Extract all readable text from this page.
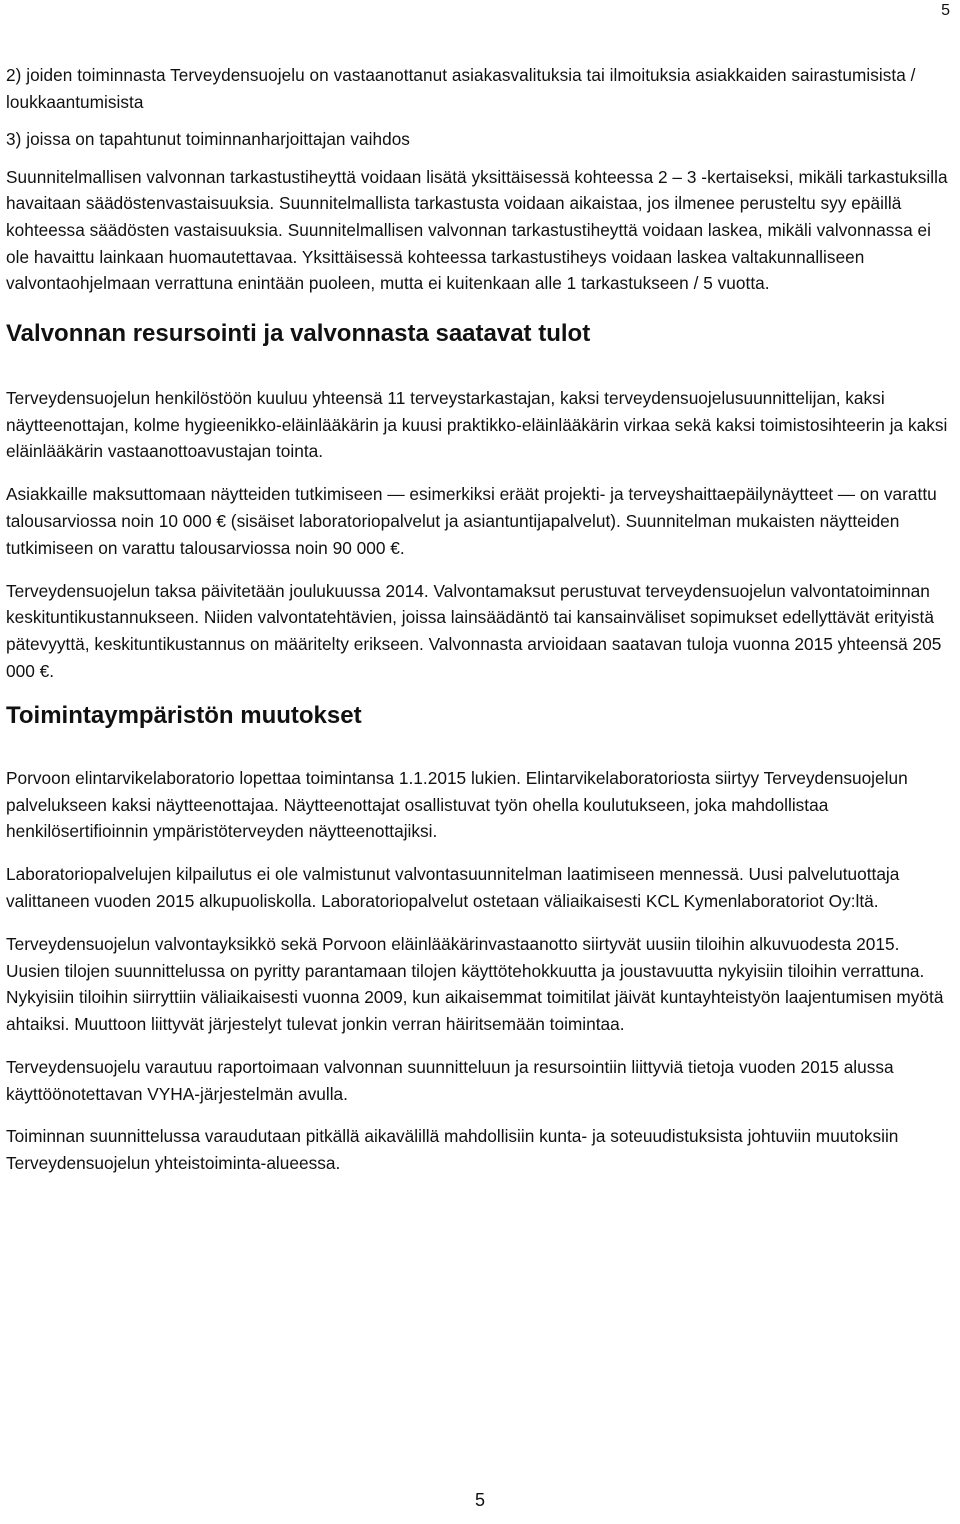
5

2) joiden toiminnasta Terveydensuojelu on vastaanottanut asiakasvalituksia tai ilmoituksia asiakkaiden sairastumisista / loukkaantumisista

3) joissa on tapahtunut toiminnanharjoittajan vaihdos

Suunnitelmallisen valvonnan tarkastustiheyttä voidaan lisätä yksittäisessä kohteessa 2 – 3 -kertaiseksi, mikäli tarkastuksilla havaitaan säädöstenvastaisuuksia. Suunnitelmallista tarkastusta voidaan aikaistaa, jos ilmenee perusteltu syy epäillä kohteessa säädösten vastaisuuksia. Suunnitelmallisen valvonnan tarkastustiheyttä voidaan laskea, mikäli valvonnassa ei ole havaittu lainkaan huomautettavaa. Yksittäisessä kohteessa tarkastustiheys voidaan laskea valtakunnalliseen valvontaohjelmaan verrattuna enintään puoleen, mutta ei kuitenkaan alle 1 tarkastukseen / 5 vuotta.

Valvonnan resursointi ja valvonnasta saatavat tulot

Terveydensuojelun henkilöstöön kuuluu yhteensä 11 terveystarkastajan, kaksi terveydensuojelusuunnittelijan, kaksi näytteenottajan, kolme hygieenikko-eläinlääkärin ja kuusi praktikko-eläinlääkärin virkaa sekä kaksi toimistosihteerin ja kaksi eläinlääkärin vastaanottoavustajan tointa.

Asiakkaille maksuttomaan näytteiden tutkimiseen — esimerkiksi eräät projekti- ja terveyshaittaepäilynäytteet — on varattu talousarviossa noin 10 000 € (sisäiset laboratoriopalvelut ja asiantuntijapalvelut). Suunnitelman mukaisten näytteiden tutkimiseen on varattu talousarviossa noin 90 000 €.

Terveydensuojelun taksa päivitetään joulukuussa 2014. Valvontamaksut perustuvat terveydensuojelun valvontatoiminnan keskituntikustannukseen. Niiden valvontatehtävien, joissa lainsäädäntö tai kansainväliset sopimukset edellyttävät erityistä pätevyyttä, keskituntikustannus on määritelty erikseen. Valvonnasta arvioidaan saatavan tuloja vuonna 2015 yhteensä 205 000 €.

Toimintaympäristön muutokset

Porvoon elintarvikelaboratorio lopettaa toimintansa 1.1.2015 lukien. Elintarvikelaboratoriosta siirtyy Terveydensuojelun palvelukseen kaksi näytteenottajaa. Näytteenottajat osallistuvat työn ohella koulutukseen, joka mahdollistaa henkilösertifioinnin ympäristöterveyden näytteenottajiksi.

Laboratoriopalvelujen kilpailutus ei ole valmistunut valvontasuunnitelman laatimiseen mennessä. Uusi palvelutuottaja valittaneen vuoden 2015 alkupuoliskolla. Laboratoriopalvelut ostetaan väliaikaisesti KCL Kymenlaboratoriot Oy:ltä.

Terveydensuojelun valvontayksikkö sekä Porvoon eläinlääkärinvastaanotto siirtyvät uusiin tiloihin alkuvuodesta 2015. Uusien tilojen suunnittelussa on pyritty parantamaan tilojen käyttötehokkuutta ja joustavuutta nykyisiin tiloihin verrattuna. Nykyisiin tiloihin siirryttiin väliaikaisesti vuonna 2009, kun aikaisemmat toimitilat jäivät kuntayhteistyön laajentumisen myötä ahtaiksi. Muuttoon liittyvät järjestelyt tulevat jonkin verran häiritsemään toimintaa.

Terveydensuojelu varautuu raportoimaan valvonnan suunnitteluun ja resursointiin liittyviä tietoja vuoden 2015 alussa käyttöönotettavan VYHA-järjestelmän avulla.

Toiminnan suunnittelussa varaudutaan pitkällä aikavälillä mahdollisiin kunta- ja soteuudistuksista johtuviin muutoksiin Terveydensuojelun yhteistoiminta-alueessa.

5
